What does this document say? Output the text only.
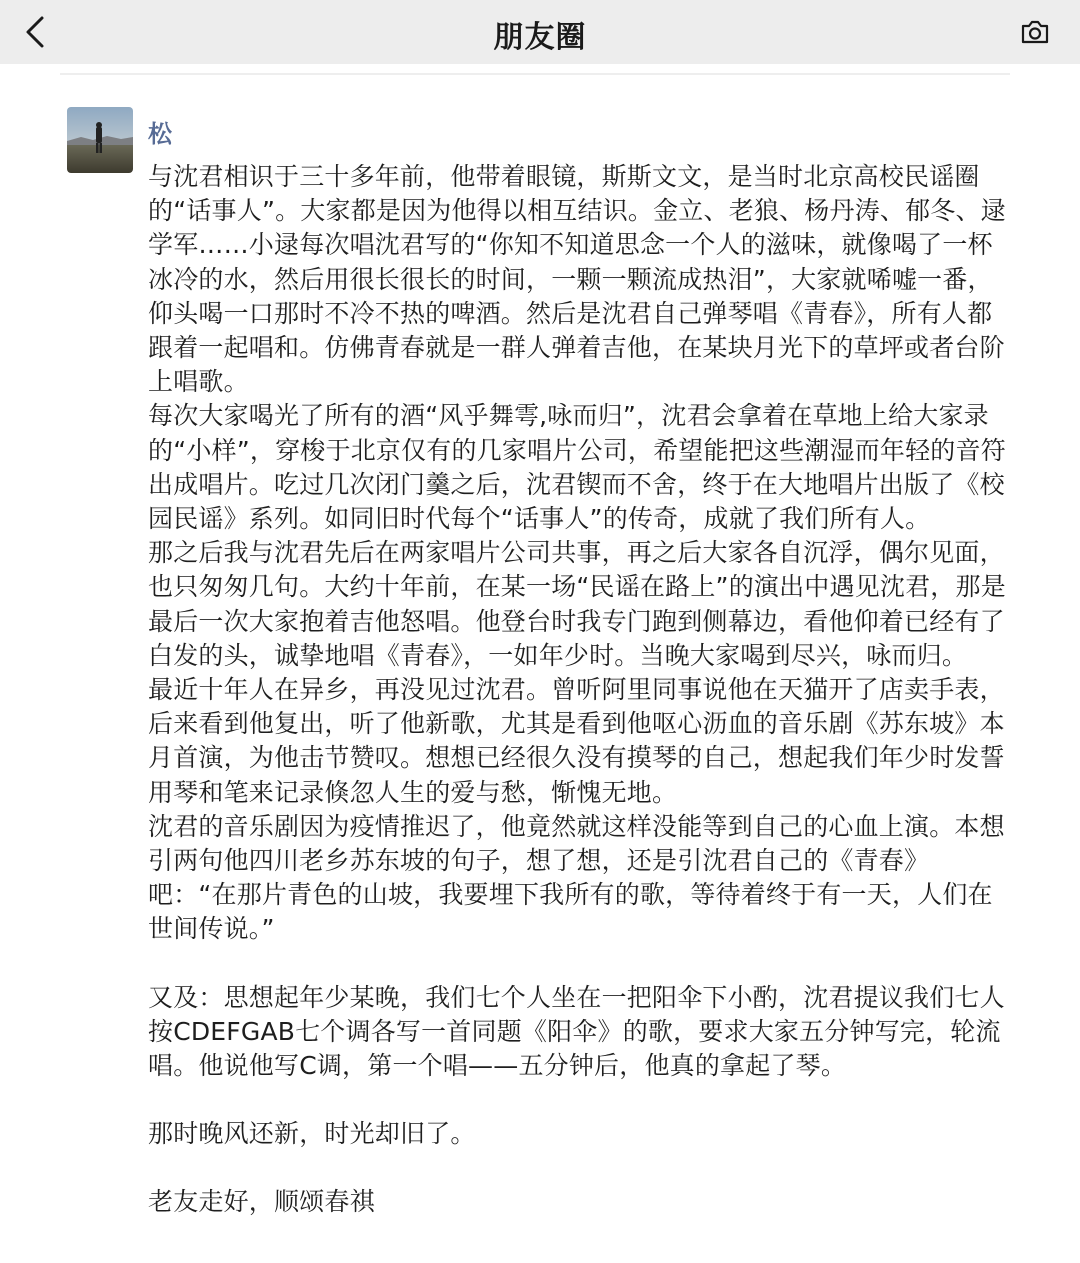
朋友圈
松

与沈君相识于三十多年前，他带着眼镜，斯斯文文，是当时北京高校民谣圈的“话事人”。大家都是因为他得以相互结识。金立、老狼、杨丹涛、郁冬、逯学军……小逯每次唱沈君写的“你知不知道思念一个人的滋味，就像喝了一杯冰冷的水，然后用很长很长的时间，一颗一颗流成热泪”，大家就唏嘘一番，仰头喝一口那时不冷不热的啤酒。然后是沈君自己弹琴唱《青春》，所有人都跟着一起唱和。仿佛青春就是一群人弹着吉他，在某块月光下的草坪或者台阶上唱歌。

每次大家喝光了所有的酒“风乎舞雩,咏而归”，沈君会拿着在草地上给大家录的“小样”，穿梭于北京仅有的几家唱片公司，希望能把这些潮湿而年轻的音符出成唱片。吃过几次闭门羹之后，沈君锲而不舍，终于在大地唱片出版了《校园民谣》系列。如同旧时代每个“话事人”的传奇，成就了我们所有人。

那之后我与沈君先后在两家唱片公司共事，再之后大家各自沉浮，偶尔见面，也只匆匆几句。大约十年前，在某一场“民谣在路上”的演出中遇见沈君，那是最后一次大家抱着吉他怒唱。他登台时我专门跑到侧幕边，看他仰着已经有了白发的头，诚挚地唱《青春》，一如年少时。当晚大家喝到尽兴，咏而归。

最近十年人在异乡，再没见过沈君。曾听阿里同事说他在天猫开了店卖手表，后来看到他复出，听了他新歌，尤其是看到他呕心沥血的音乐剧《苏东坡》本月首演，为他击节赞叹。想想已经很久没有摸琴的自己，想起我们年少时发誓用琴和笔来记录倏忽人生的爱与愁，惭愧无地。

沈君的音乐剧因为疫情推迟了，他竟然就这样没能等到自己的心血上演。本想引两句他四川老乡苏东坡的句子，想了想，还是引沈君自己的《青春》吧：“在那片青色的山坡，我要埋下我所有的歌，等待着终于有一天，人们在世间传说。”

又及：思想起年少某晚，我们七个人坐在一把阳伞下小酌，沈君提议我们七人按CDEFGAB七个调各写一首同题《阳伞》的歌，要求大家五分钟写完，轮流唱。他说他写C调，第一个唱——五分钟后，他真的拿起了琴。

那时晚风还新，时光却旧了。

老友走好，顺颂春祺
